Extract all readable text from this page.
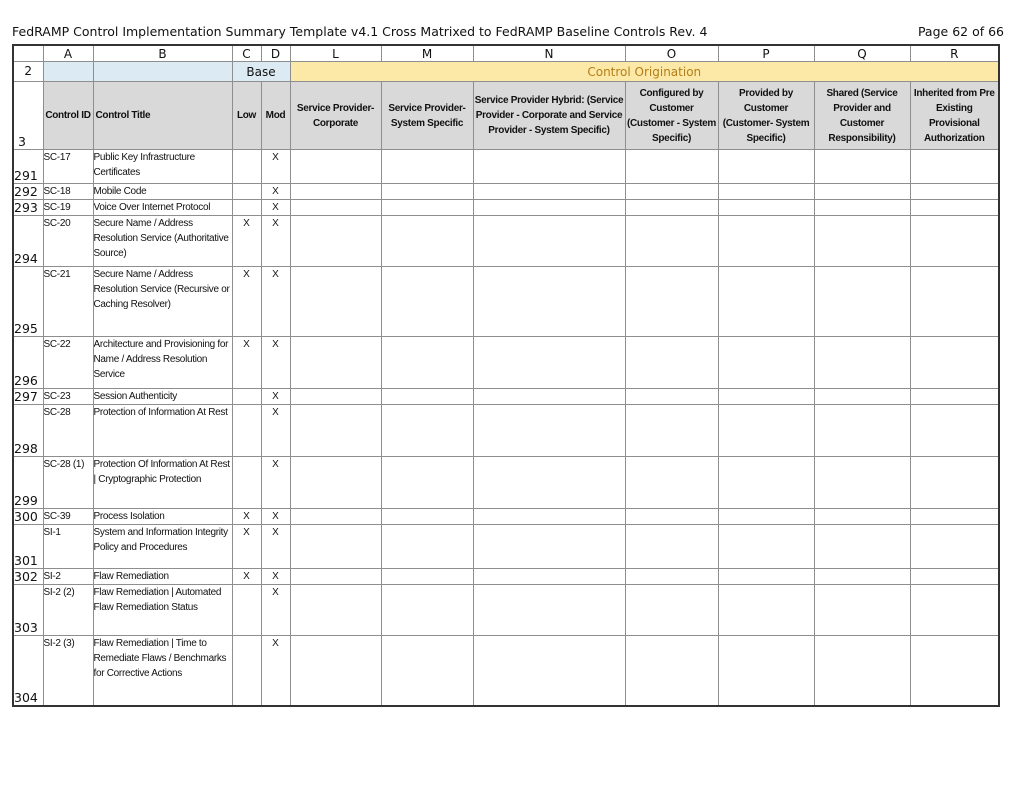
FedRAMP Control Implementation Summary Template v4.1 Cross Matrixed to FedRAMP Baseline Controls Rev. 4	Page 62 of 66
	A	B	C	D	L	M	N	O	P	Q	R
2			Base		Control Origination						
3	Control ID	Control Title	Low	Mod	Service Provider- Corporate	Service Provider- System Specific	Service Provider Hybrid: (Service Provider - Corporate and Service Provider - System Specific)	Configured by Customer (Customer - System Specific)	Provided by Customer (Customer- System Specific)	Shared (Service Provider and Customer Responsibility)	Inherited from Pre Existing Provisional Authorization
291	SC-17	Public Key Infrastructure Certificates		X							
292	SC-18	Mobile Code		X							
293	SC-19	Voice Over Internet Protocol		X							
294	SC-20	Secure Name / Address Resolution Service (Authoritative Source)	X	X							
295	SC-21	Secure Name / Address Resolution Service (Recursive or Caching Resolver)	X	X							
296	SC-22	Architecture and Provisioning for Name / Address Resolution Service	X	X							
297	SC-23	Session Authenticity		X							
298	SC-28	Protection of Information At Rest		X							
299	SC-28 (1)	Protection Of Information At Rest | Cryptographic Protection		X							
300	SC-39	Process Isolation	X	X							
301	SI-1	System and Information Integrity Policy and Procedures	X	X							
302	SI-2	Flaw Remediation	X	X							
303	SI-2 (2)	Flaw Remediation | Automated Flaw Remediation Status		X							
304	SI-2 (3)	Flaw Remediation | Time to Remediate Flaws / Benchmarks for Corrective Actions		X							
